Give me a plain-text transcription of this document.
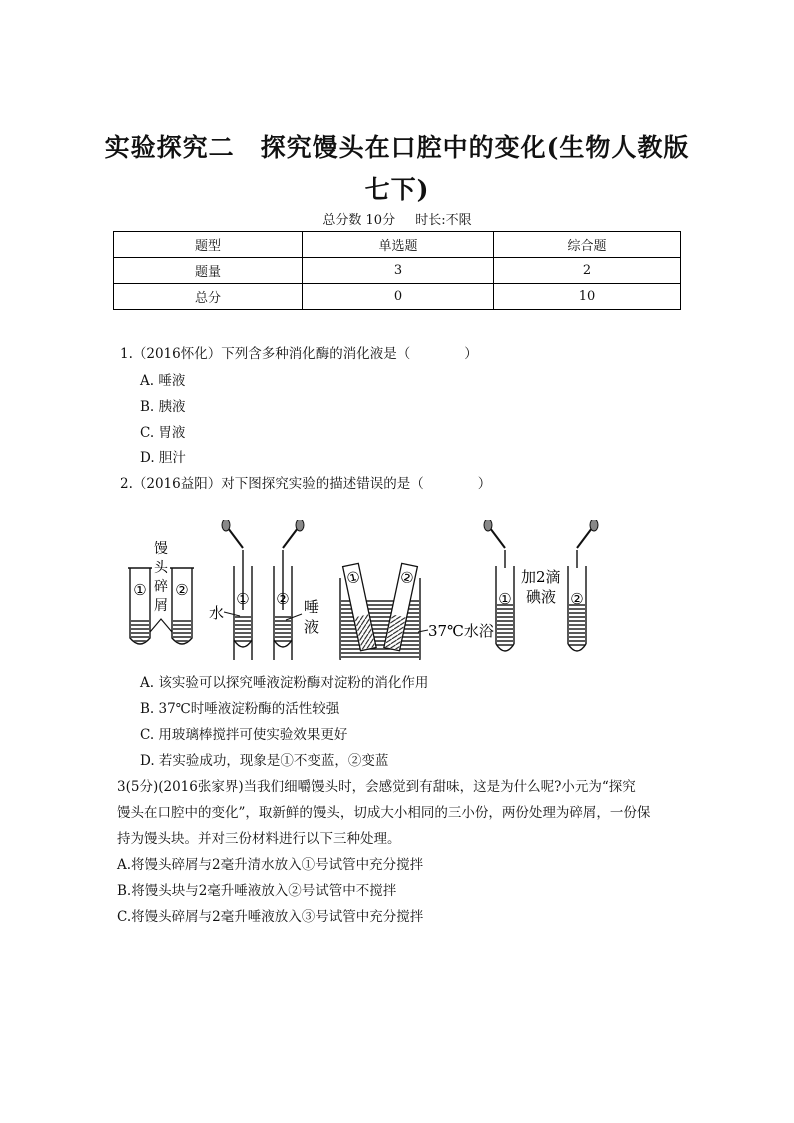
实验探究二　探究馒头在口腔中的变化(生物人教版
七下)
总分数 10分 时长:不限
题型	单选题	综合题
题量	3	2
总分	0	10
1.（2016怀化）下列含多种消化酶的消化液是（　　　　）
A. 唾液
B. 胰液
C. 胃液
D. 胆汁
2.（2016益阳）对下图探究实验的描述错误的是（　　　　）
① ②
馒
头
碎
屑	① ②
水	唾
液
① ②
37℃水浴
①	②
加2滴
碘液
A. 该实验可以探究唾液淀粉酶对淀粉的消化作用
B. 37℃时唾液淀粉酶的活性较强
C. 用玻璃棒搅拌可使实验效果更好
D. 若实验成功，现象是①不变蓝，②变蓝
3(5分)(2016张家界)当我们细嚼馒头时，会感觉到有甜味，这是为什么呢?小元为“探究
馒头在口腔中的变化”，取新鲜的馒头，切成大小相同的三小份，两份处理为碎屑，一份保
持为馒头块。并对三份材料进行以下三种处理。
A.将馒头碎屑与2毫升清水放入①号试管中充分搅拌
B.将馒头块与2毫升唾液放入②号试管中不搅拌
C.将馒头碎屑与2毫升唾液放入③号试管中充分搅拌
